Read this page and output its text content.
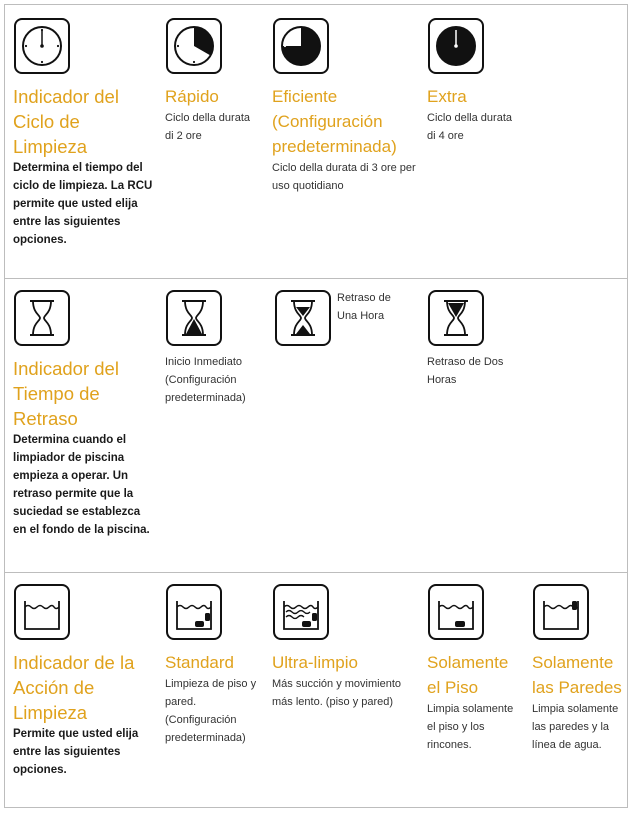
Indicador del Ciclo de Limpieza
Determina el tiempo del ciclo de limpieza. La RCU permite que usted elija entre las siguientes opciones.
Rápido
Ciclo della durata di 2 ore
Eficiente (Configuración predeterminada)
Ciclo della durata di 3 ore per uso quotidiano
Extra
Ciclo della durata di 4 ore
Indicador del Tiempo de Retraso
Determina cuando el limpiador de piscina empieza a operar. Un retraso permite que la suciedad se establezca en el fondo de la piscina.
Inicio Inmediato (Configuración predeterminada)
Retraso de Una Hora
Retraso de Dos Horas
Indicador de la Acción de Limpieza
Permite que usted elija entre las siguientes opciones.
Standard
Limpieza de piso y pared. (Configuración predeterminada)
Ultra-limpio
Más succión y movimiento más lento. (piso y pared)
Solamente el Piso
Limpia solamente el piso y los rincones.
Solamente las Paredes
Limpia solamente las paredes y la línea de agua.
